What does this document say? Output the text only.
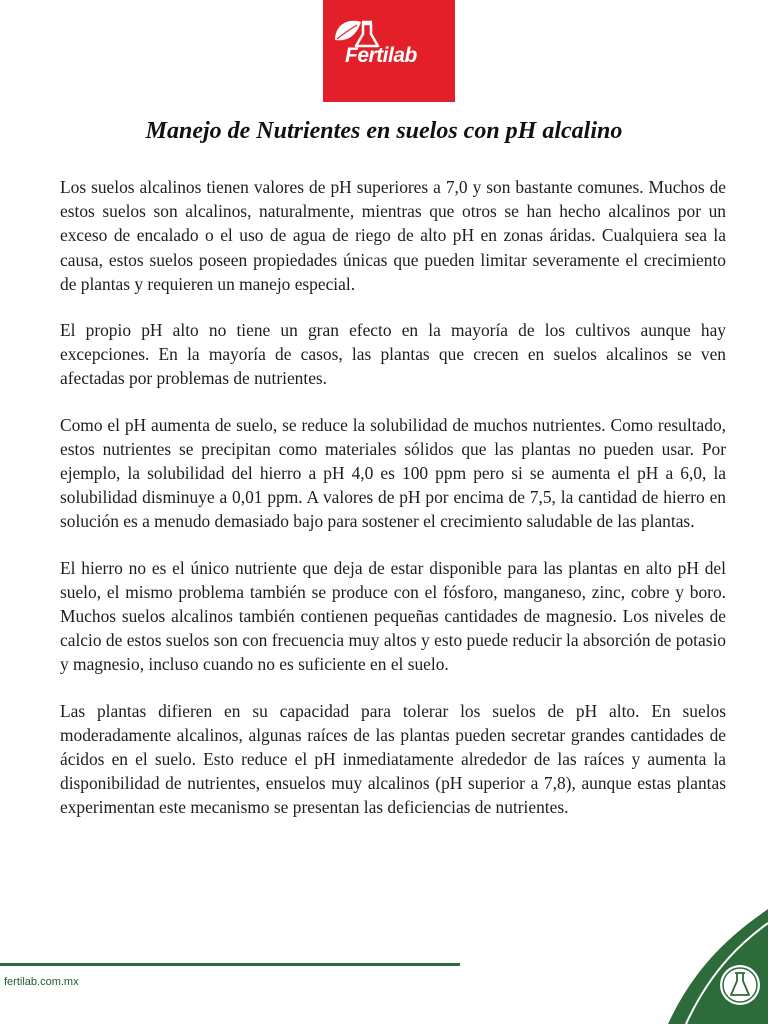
Fertilab
Manejo de Nutrientes en suelos con pH alcalino

Los suelos alcalinos tienen valores de pH superiores a 7,0 y son bastante comunes. Muchos de estos suelos son alcalinos, naturalmente, mientras que otros se han hecho alcalinos por un exceso de encalado o el uso de agua de riego de alto pH en zonas áridas. Cualquiera sea la causa, estos suelos poseen propiedades únicas que pueden limitar severamente el crecimiento de plantas y requieren un manejo especial.

El propio pH alto no tiene un gran efecto en la mayoría de los cultivos aunque hay excepciones. En la mayoría de casos, las plantas que crecen en suelos alcalinos se ven afectadas por problemas de nutrientes.

Como el pH aumenta de suelo, se reduce la solubilidad de muchos nutrientes. Como resultado, estos nutrientes se precipitan como materiales sólidos que las plantas no pueden usar. Por ejemplo, la solubilidad del hierro a pH 4,0 es 100 ppm pero si se aumenta el pH a 6,0, la solubilidad disminuye a 0,01 ppm. A valores de pH por encima de 7,5, la cantidad de hierro en solución es a menudo demasiado bajo para sostener el crecimiento saludable de las plantas.

El hierro no es el único nutriente que deja de estar disponible para las plantas en alto pH del suelo, el mismo problema también se produce con el fósforo, manganeso, zinc, cobre y boro. Muchos suelos alcalinos también contienen pequeñas cantidades de magnesio. Los niveles de calcio de estos suelos son con frecuencia muy altos y esto puede reducir la absorción de potasio y magnesio, incluso cuando no es suficiente en el suelo.

Las plantas difieren en su capacidad para tolerar los suelos de pH alto. En suelos moderadamente alcalinos, algunas raíces de las plantas pueden secretar grandes cantidades de ácidos en el suelo. Esto reduce el pH inmediatamente alrededor de las raíces y aumenta la disponibilidad de nutrientes, ensuelos muy alcalinos (pH superior a 7,8), aunque estas plantas experimentan este mecanismo se presentan las deficiencias de nutrientes.

fertilab.com.mx
